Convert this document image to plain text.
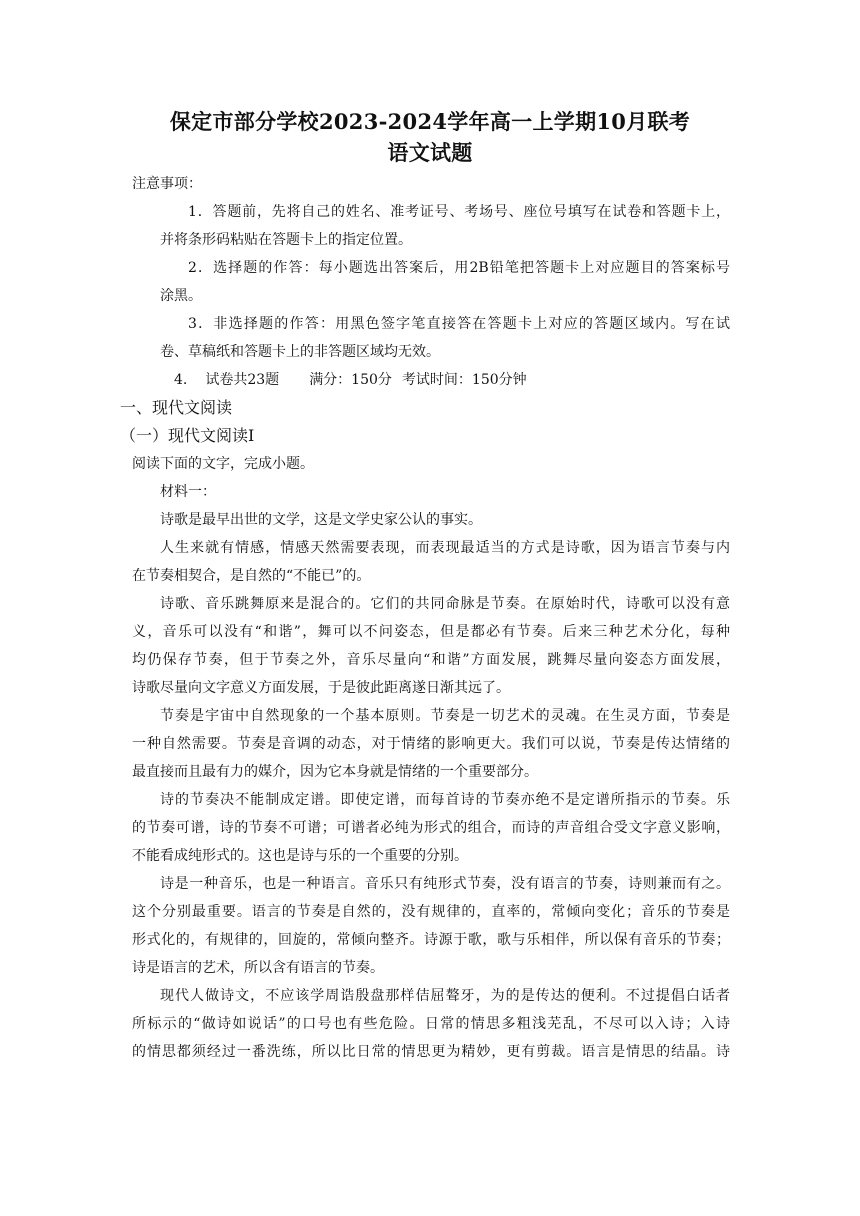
保定市部分学校2023-2024学年高一上学期10月联考
语文试题

注意事项：

1．答题前，先将自己的姓名、准考证号、考场号、座位号填写在试卷和答题卡上，

并将条形码粘贴在答题卡上的指定位置。

2．选择题的作答：每小题选出答案后，用2B铅笔把答题卡上对应题目的答案标号

涂黑。

3．非选择题的作答：用黑色签字笔直接答在答题卡上对应的答题区域内。写在试

卷、草稿纸和答题卡上的非答题区域均无效。

4. 试卷共23题 满分：150分 考试时间：150分钟

一、现代文阅读

（一）现代文阅读Ⅰ

阅读下面的文字，完成小题。

材料一：

诗歌是最早出世的文学，这是文学史家公认的事实。

人生来就有情感，情感天然需要表现，而表现最适当的方式是诗歌，因为语言节奏与内

在节奏相契合，是自然的“不能已”的。

诗歌、音乐跳舞原来是混合的。它们的共同命脉是节奏。在原始时代，诗歌可以没有意

义，音乐可以没有“和谐”，舞可以不问姿态，但是都必有节奏。后来三种艺术分化，每种

均仍保存节奏，但于节奏之外，音乐尽量向“和谐”方面发展，跳舞尽量向姿态方面发展，

诗歌尽量向文字意义方面发展，于是彼此距离遂日渐其远了。

节奏是宇宙中自然现象的一个基本原则。节奏是一切艺术的灵魂。在生灵方面，节奏是

一种自然需要。节奏是音调的动态，对于情绪的影响更大。我们可以说，节奏是传达情绪的

最直接而且最有力的媒介，因为它本身就是情绪的一个重要部分。

诗的节奏决不能制成定谱。即使定谱，而每首诗的节奏亦绝不是定谱所指示的节奏。乐

的节奏可谱，诗的节奏不可谱；可谱者必纯为形式的组合，而诗的声音组合受文字意义影响，

不能看成纯形式的。这也是诗与乐的一个重要的分别。

诗是一种音乐，也是一种语言。音乐只有纯形式节奏，没有语言的节奏，诗则兼而有之。

这个分别最重要。语言的节奏是自然的，没有规律的，直率的，常倾向变化；音乐的节奏是

形式化的，有规律的，回旋的，常倾向整齐。诗源于歌，歌与乐相伴，所以保有音乐的节奏；

诗是语言的艺术，所以含有语言的节奏。

现代人做诗文，不应该学周诰殷盘那样佶屈聱牙，为的是传达的便利。不过提倡白话者

所标示的“做诗如说话”的口号也有些危险。日常的情思多粗浅芜乱，不尽可以入诗；入诗

的情思都须经过一番洗练，所以比日常的情思更为精妙，更有剪裁。语言是情思的结晶。诗
